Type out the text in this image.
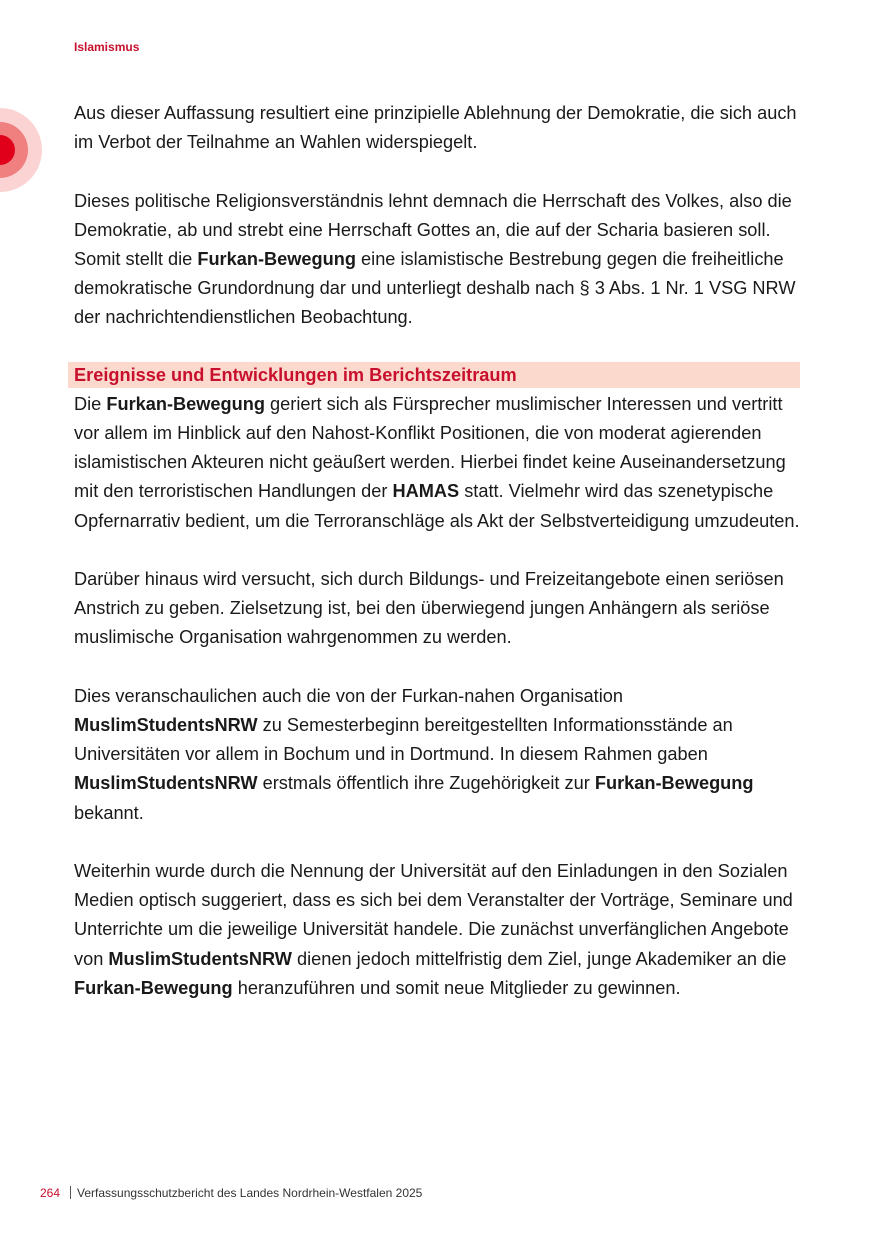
Islamismus

Aus dieser Auffassung resultiert eine prinzipielle Ablehnung der Demokratie, die sich auch im Verbot der Teilnahme an Wahlen widerspiegelt.

Dieses politische Religionsverständnis lehnt demnach die Herrschaft des Volkes, also die Demokratie, ab und strebt eine Herrschaft Gottes an, die auf der Scharia basieren soll. Somit stellt die Furkan-Bewegung eine islamistische Bestrebung gegen die freiheitliche demokratische Grundordnung dar und unterliegt deshalb nach § 3 Abs. 1 Nr. 1 VSG NRW der nachrichtendienstlichen Beobachtung.

Ereignisse und Entwicklungen im Berichtszeitraum

Die Furkan-Bewegung geriert sich als Fürsprecher muslimischer Interessen und vertritt vor allem im Hinblick auf den Nahost-Konflikt Positionen, die von moderat agierenden islamistischen Akteuren nicht geäußert werden. Hierbei findet keine Auseinandersetzung mit den terroristischen Handlungen der HAMAS statt. Vielmehr wird das szenetypische Opfernarrativ bedient, um die Terroranschläge als Akt der Selbstverteidigung umzudeuten.

Darüber hinaus wird versucht, sich durch Bildungs- und Freizeitangebote einen seriösen Anstrich zu geben. Zielsetzung ist, bei den überwiegend jungen Anhängern als seriöse muslimische Organisation wahrgenommen zu werden.

Dies veranschaulichen auch die von der Furkan-nahen Organisation MuslimStudentsNRW zu Semesterbeginn bereitgestellten Informationsstände an Universitäten vor allem in Bochum und in Dortmund. In diesem Rahmen gaben MuslimStudentsNRW erstmals öffentlich ihre Zugehörigkeit zur Furkan-Bewegung bekannt.

Weiterhin wurde durch die Nennung der Universität auf den Einladungen in den Sozialen Medien optisch suggeriert, dass es sich bei dem Veranstalter der Vorträge, Seminare und Unterrichte um die jeweilige Universität handele. Die zunächst unverfänglichen Angebote von MuslimStudentsNRW dienen jedoch mittelfristig dem Ziel, junge Akademiker an die Furkan-Bewegung heranzuführen und somit neue Mitglieder zu gewinnen.

264 Verfassungsschutzbericht des Landes Nordrhein-Westfalen 2025
